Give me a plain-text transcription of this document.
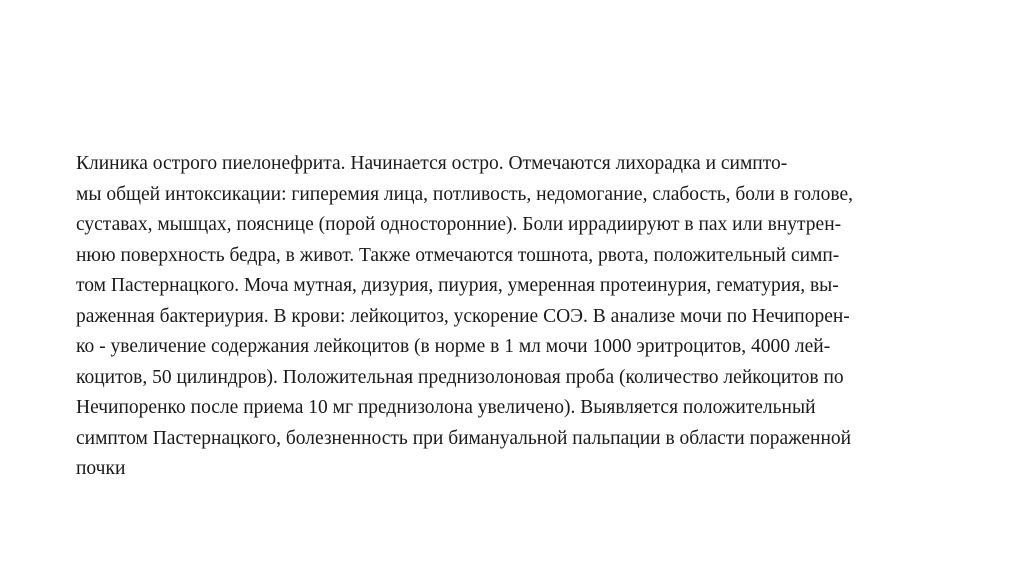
Клиника острого пиелонефрита. Начинается остро. Отмечаются лихорадка и симпто-
мы общей интоксикации: гиперемия лица, потливость, недомогание, слабость, боли в голове,
суставах, мышцах, пояснице (порой односторонние). Боли иррадиируют в пах или внутрен-
нюю поверхность бедра, в живот. Также отмечаются тошнота, рвота, положительный симп-
том Пастернацкого. Моча мутная, дизурия, пиурия, умеренная протеинурия, гематурия, вы-
раженная бактериурия. В крови: лейкоцитоз, ускорение СОЭ. В анализе мочи по Нечипорен-
ко - увеличение содержания лейкоцитов (в норме в 1 мл мочи 1000 эритроцитов, 4000 лей-
коцитов, 50 цилиндров). Положительная преднизолоновая проба (количество лейкоцитов по
Нечипоренко после приема 10 мг преднизолона увеличено). Выявляется положительный
симптом Пастернацкого, болезненность при бимануальной пальпации в области пораженной
почки
